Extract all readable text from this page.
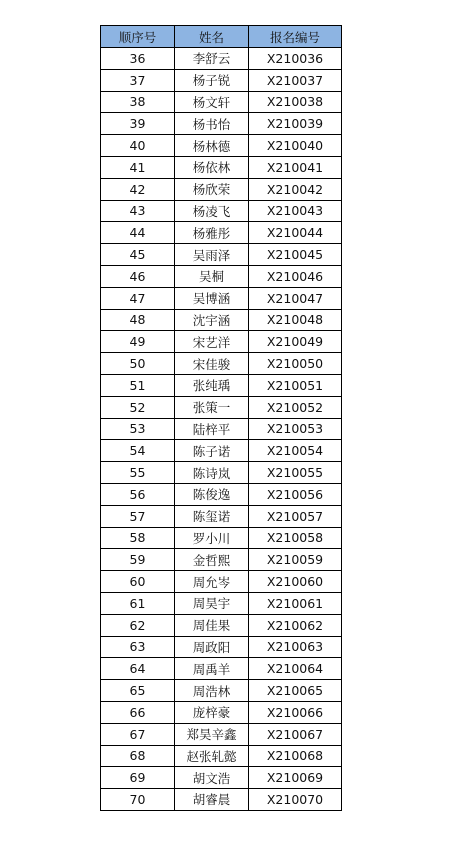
顺序号	姓名	报名编号
36	李舒云	X210036
37	杨子锐	X210037
38	杨文轩	X210038
39	杨书怡	X210039
40	杨林德	X210040
41	杨依林	X210041
42	杨欣荣	X210042
43	杨凌飞	X210043
44	杨雅彤	X210044
45	吴雨泽	X210045
46	吴桐	X210046
47	吴博涵	X210047
48	沈宇涵	X210048
49	宋艺洋	X210049
50	宋佳骏	X210050
51	张纯瑀	X210051
52	张策一	X210052
53	陆梓平	X210053
54	陈子诺	X210054
55	陈诗岚	X210055
56	陈俊逸	X210056
57	陈玺诺	X210057
58	罗小川	X210058
59	金哲熙	X210059
60	周允岑	X210060
61	周昊宇	X210061
62	周佳果	X210062
63	周政阳	X210063
64	周禹羊	X210064
65	周浩林	X210065
66	庞梓豪	X210066
67	郑昊辛鑫	X210067
68	赵张轧懿	X210068
69	胡文浩	X210069
70	胡睿晨	X210070
